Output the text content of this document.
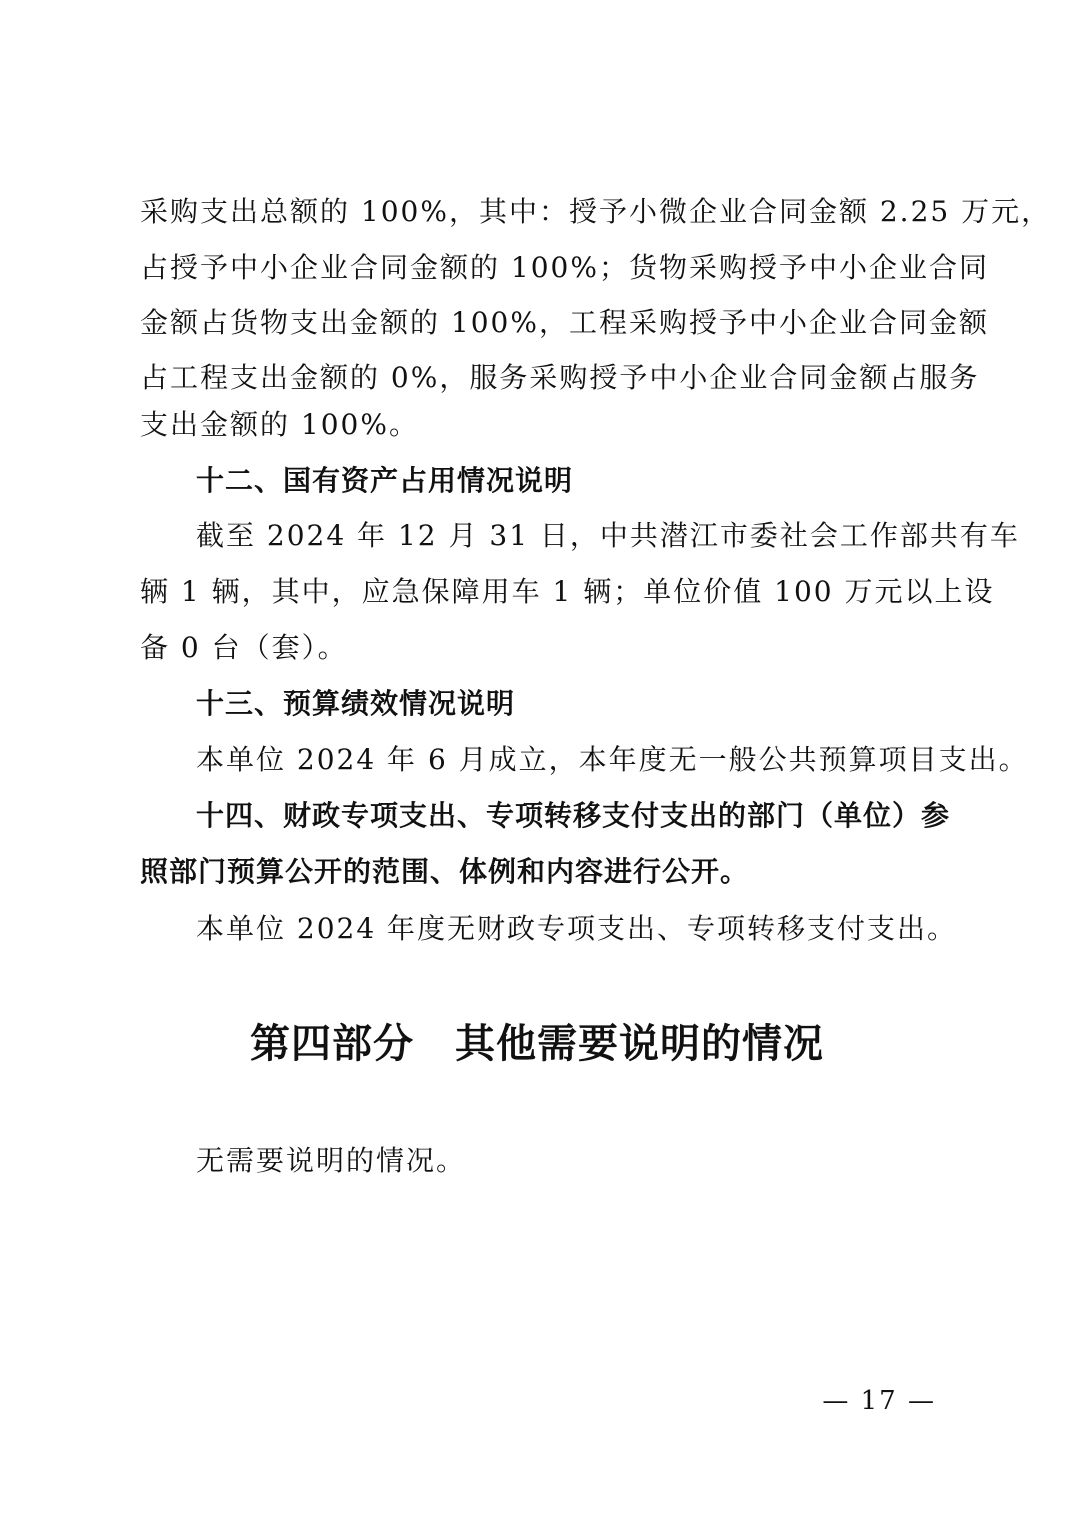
采购支出总额的 100%，其中：授予小微企业合同金额 2.25 万元，
占授予中小企业合同金额的 100%；货物采购授予中小企业合同
金额占货物支出金额的 100%，工程采购授予中小企业合同金额
占工程支出金额的 0%，服务采购授予中小企业合同金额占服务
支出金额的 100%。
十二、国有资产占用情况说明
截至 2024 年 12 月 31 日，中共潜江市委社会工作部共有车
辆 1 辆，其中，应急保障用车 1 辆；单位价值 100 万元以上设
备 0 台（套）。
十三、预算绩效情况说明
本单位 2024 年 6 月成立，本年度无一般公共预算项目支出。
十四、财政专项支出、专项转移支付支出的部门（单位）参
照部门预算公开的范围、体例和内容进行公开。
本单位 2024 年度无财政专项支出、专项转移支付支出。
第四部分　其他需要说明的情况
无需要说明的情况。
— 17 —
